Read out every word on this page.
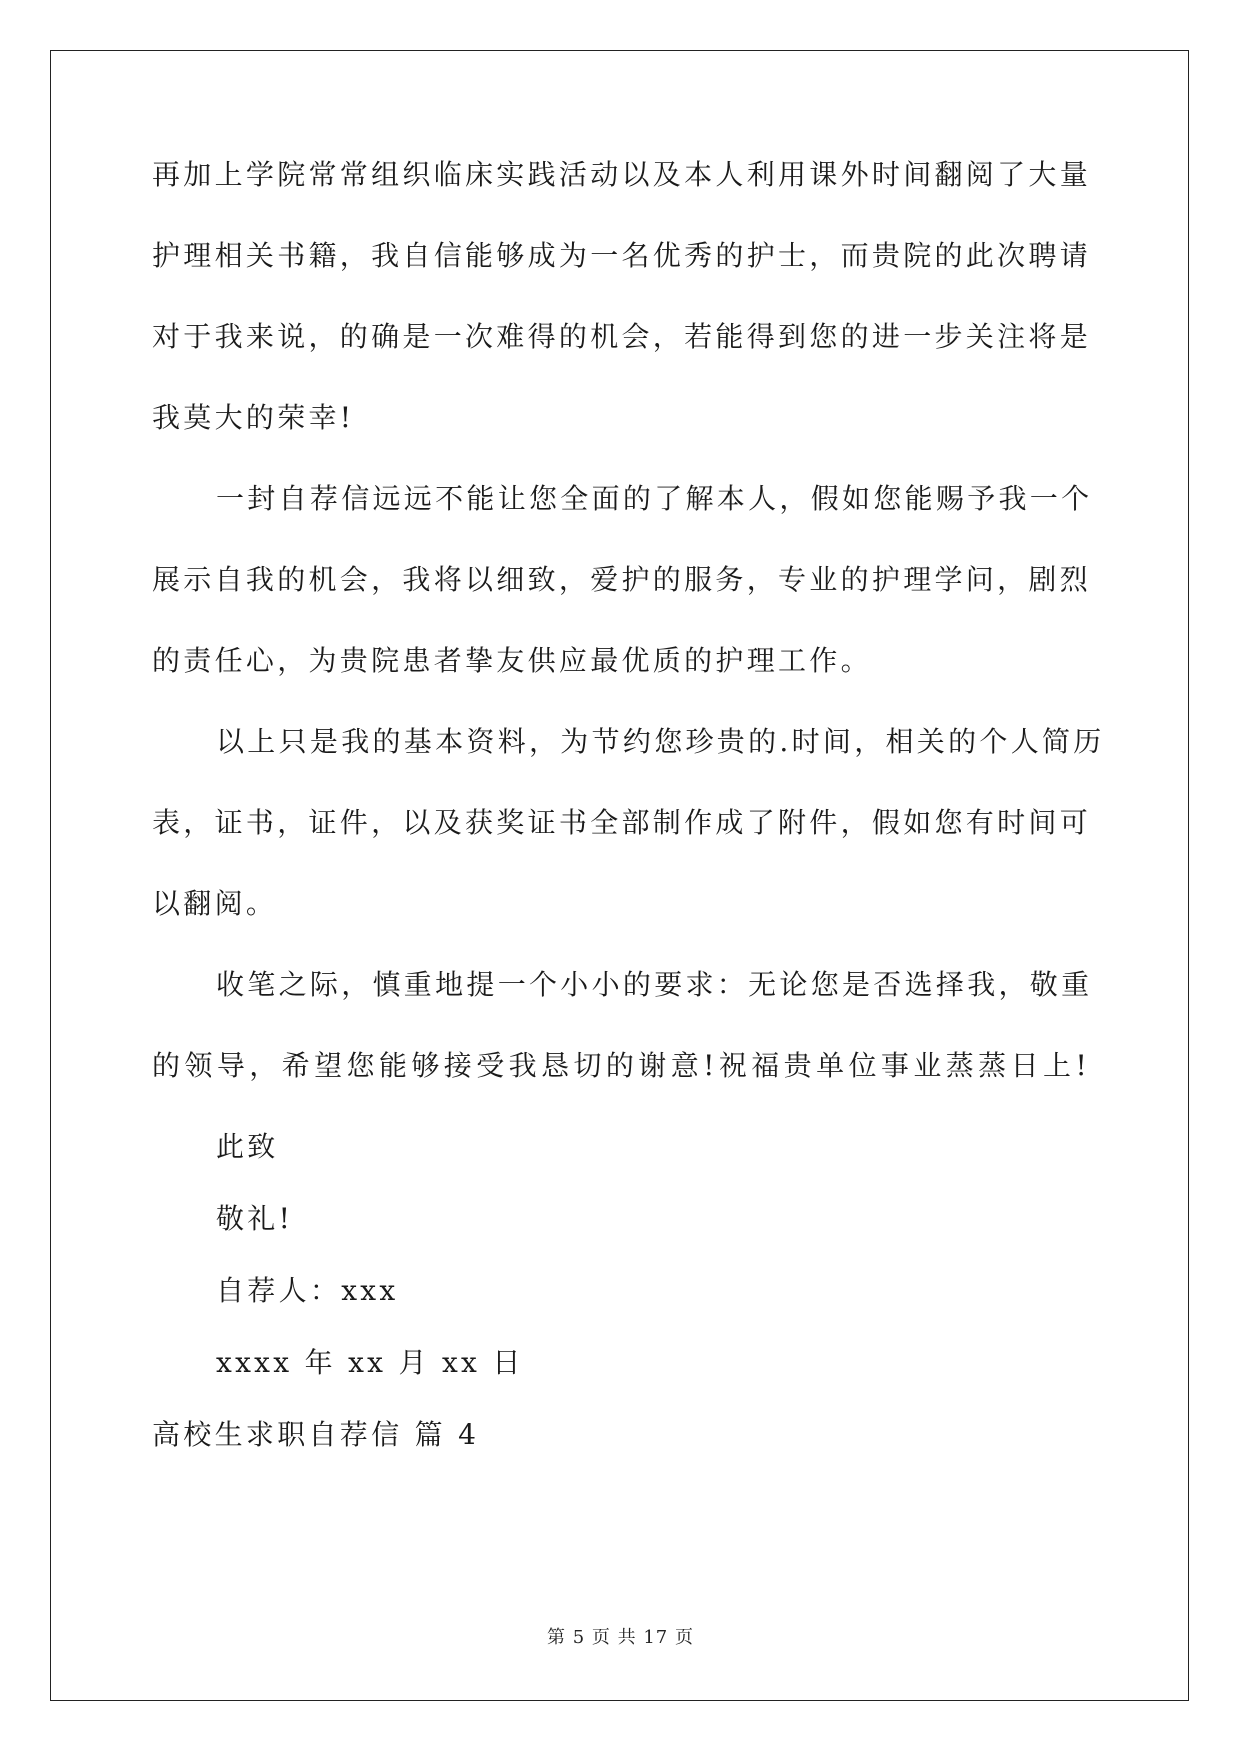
再加上学院常常组织临床实践活动以及本人利用课外时间翻阅了大量
护理相关书籍，我自信能够成为一名优秀的护士，而贵院的此次聘请
对于我来说，的确是一次难得的机会，若能得到您的进一步关注将是
我莫大的荣幸!
一封自荐信远远不能让您全面的了解本人，假如您能赐予我一个
展示自我的机会，我将以细致，爱护的服务，专业的护理学问，剧烈
的责任心，为贵院患者挚友供应最优质的护理工作。
以上只是我的基本资料，为节约您珍贵的.时间，相关的个人简历
表，证书，证件，以及获奖证书全部制作成了附件，假如您有时间可
以翻阅。
收笔之际，慎重地提一个小小的要求：无论您是否选择我，敬重
的领导，希望您能够接受我恳切的谢意!祝福贵单位事业蒸蒸日上!
此致
敬礼!
自荐人：xxx
xxxx 年 xx 月 xx 日
高校生求职自荐信 篇 4
第 5 页 共 17 页
